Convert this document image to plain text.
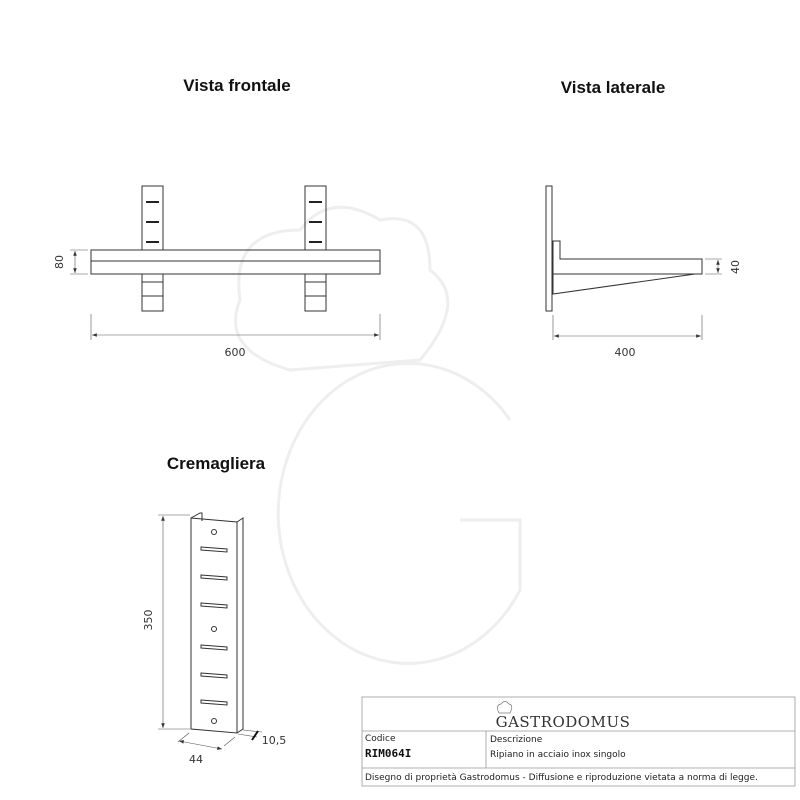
Vista frontale	Vista laterale
Cremagliera
80
600
40
400
350
44
10,5
GASTRODOMUS
Codice
RIM064I
Descrizione
Ripiano in acciaio inox singolo
Disegno di proprietà Gastrodomus - Diffusione e riproduzione vietata a norma di legge.
